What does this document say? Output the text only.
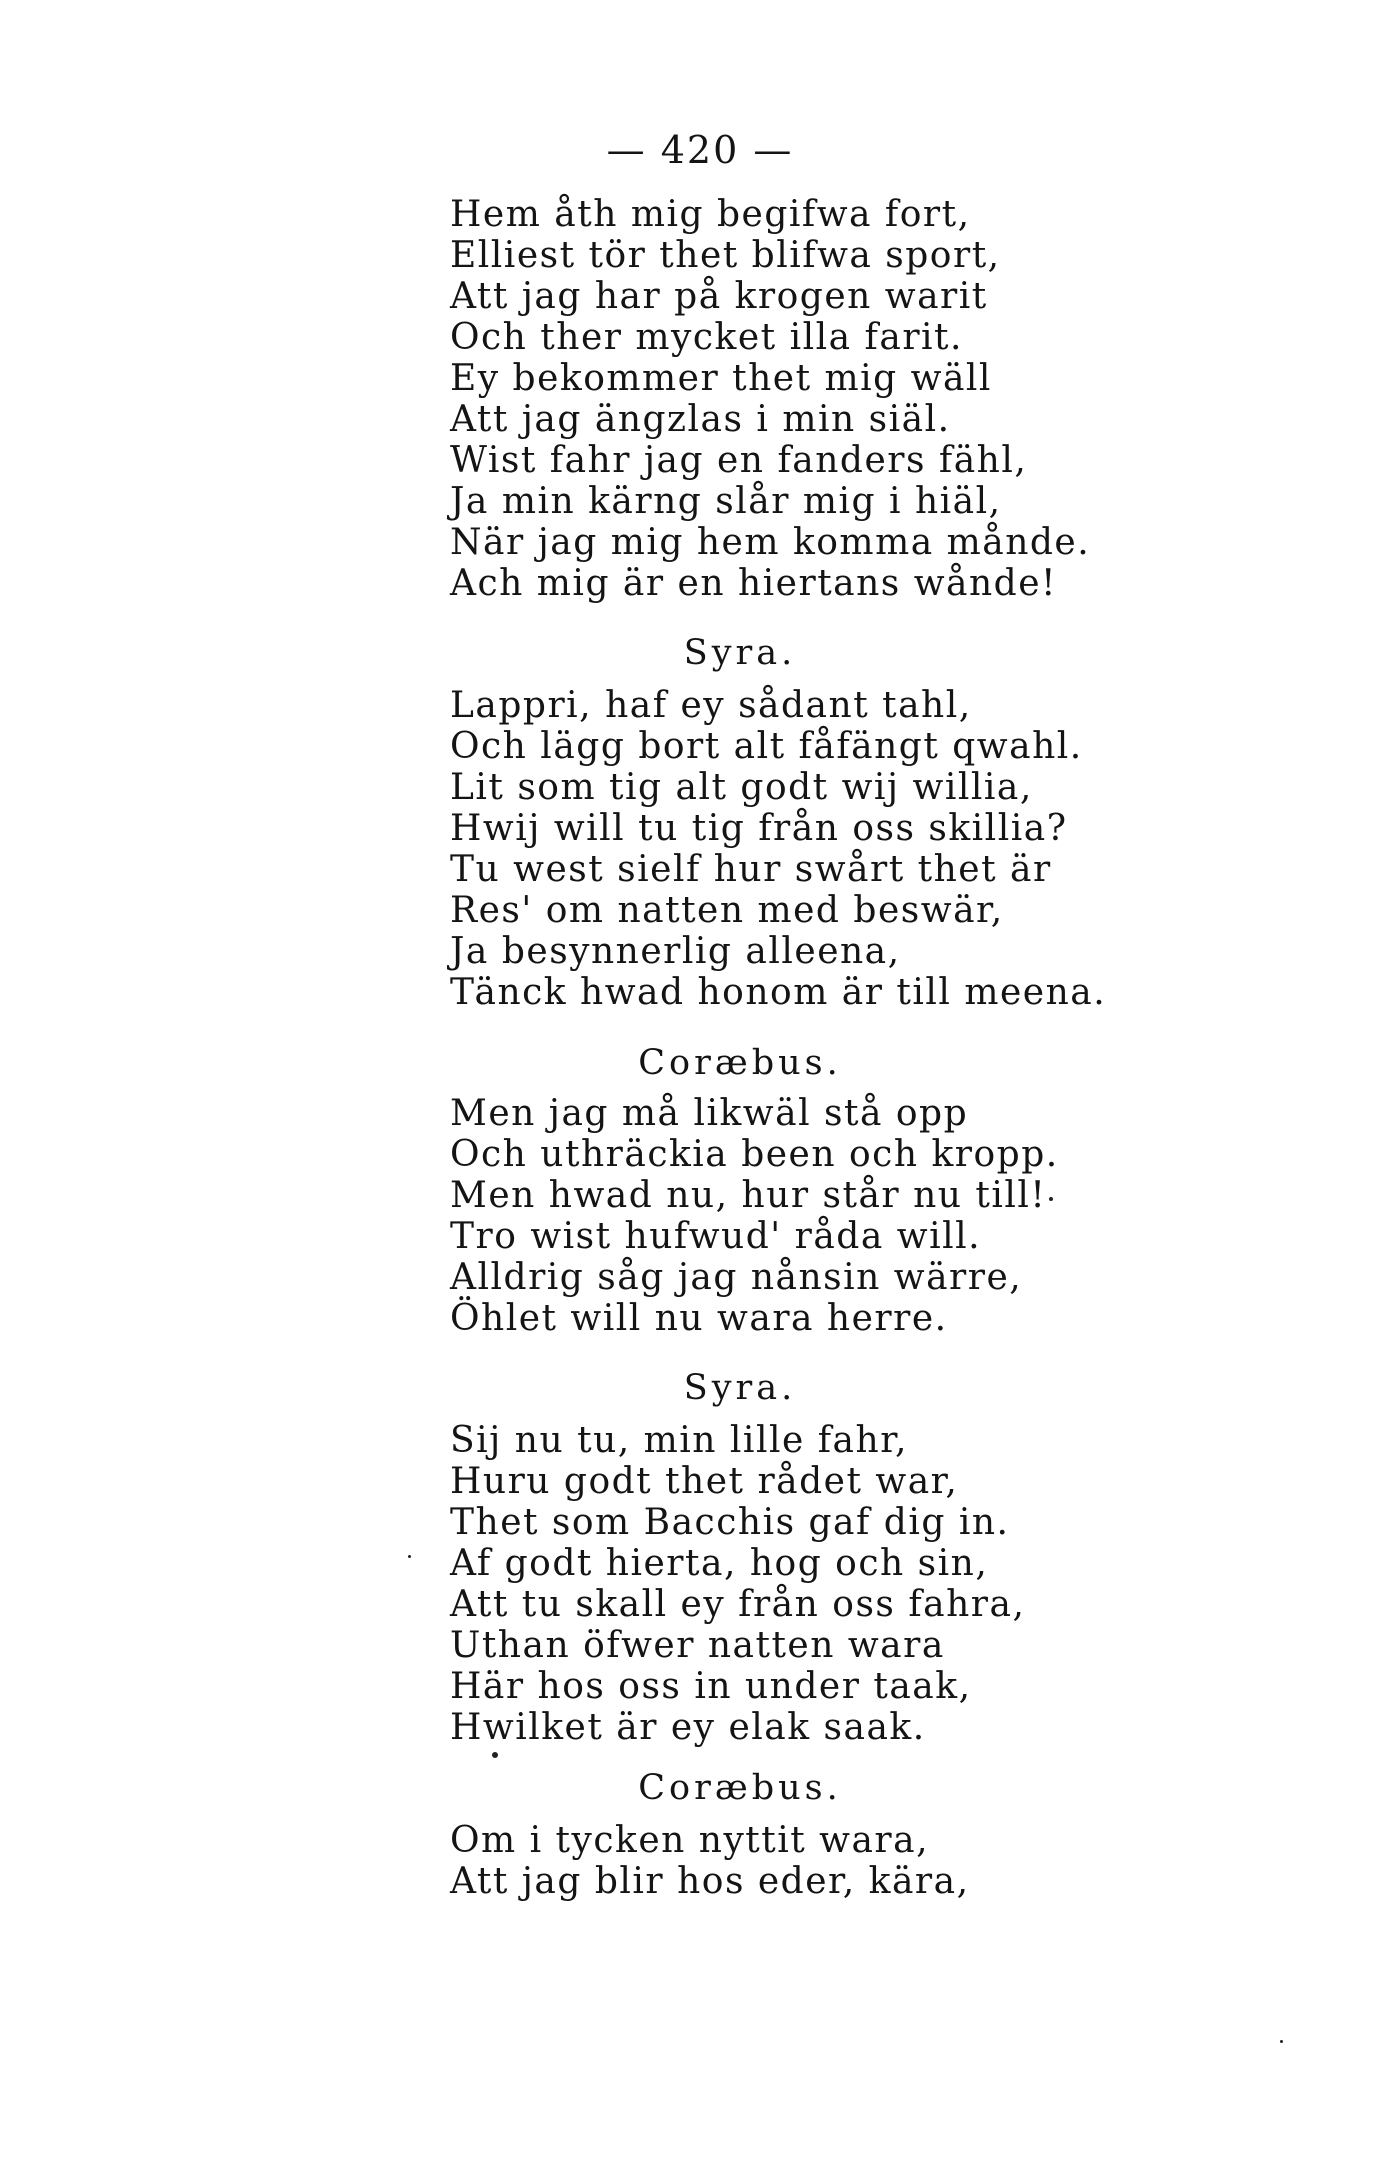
— 420 —
Hem åth mig begifwa fort,
Elliest tör thet blifwa sport,
Att jag har på krogen warit
Och ther mycket illa farit.
Ey bekommer thet mig wäll
Att jag ängzlas i min siäl.
Wist fahr jag en fanders fähl,
Ja min kärng slår mig i hiäl,
När jag mig hem komma månde.
Ach mig är en hiertans wånde!
Syra.
Lappri, haf ey sådant tahl,
Och lägg bort alt fåfängt qwahl.
Lit som tig alt godt wij willia,
Hwij will tu tig från oss skillia?
Tu west sielf hur swårt thet är
Res' om natten med beswär,
Ja besynnerlig alleena,
Tänck hwad honom är till meena.
Coræbus.
Men jag må likwäl stå opp
Och uthräckia been och kropp.
Men hwad nu, hur står nu till!
Tro wist hufwud' råda will.
Alldrig såg jag nånsin wärre,
Öhlet will nu wara herre.
Syra.
Sij nu tu, min lille fahr,
Huru godt thet rådet war,
Thet som Bacchis gaf dig in.
Af godt hierta, hog och sin,
Att tu skall ey från oss fahra,
Uthan öfwer natten wara
Här hos oss in under taak,
Hwilket är ey elak saak.
Coræbus.
Om i tycken nyttit wara,
Att jag blir hos eder, kära,
